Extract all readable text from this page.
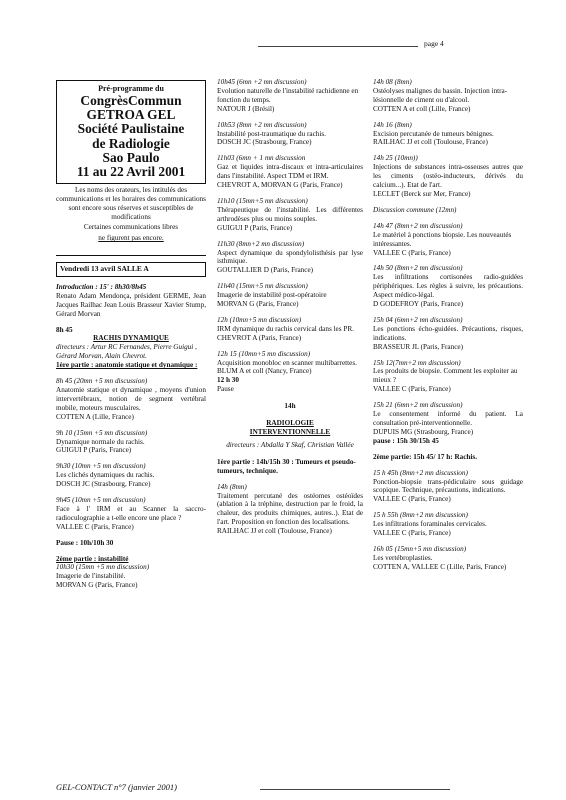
page 4
Pré-programme du
CongrèsCommun
GETROA GEL
Société Paulistaine
de Radiologie
Sao Paulo
11 au 22 Avril 2001
Les noms des orateurs, les intitulés des communications et les horaires des communications sont encore sous réserves et susceptibles de modifications
Certaines communications libres
ne figurent pas encore.
Vendredi 13 avril SALLE A
Introduction : 15' : 8h30/8h45
Renato Adam Mendonça, président GERME, Jean Jacques Railhac Jean Louis Brasseur Xavier Stump, Gérard Morvan
8h 45
RACHIS DYNAMIQUE
directeurs : Artur RC Fernandes, Pierre Guigui , Gérard Morvan, Alain Chevrot.
1ère partie : anatomie statique et dynamique :
8h 45 (20mn +5 mn discussion)
Anatomie statique et dynamique , moyens d'union intervertébraux, notion de segment vertébral mobile, moteurs musculaires.
COTTEN A (Lille, France)
9h 10 (15mn +5 mn discussion)
Dynamique normale du rachis.
GUIGUI P (Paris, France)
9h30 (10mn +5 mn discussion)
Les clichés dynamiques du rachis.
DOSCH JC (Strasbourg, France)
9h45 (10mn +5 mn discussion)
Face à l' IRM et au Scanner la saccro-radioculographie a t-elle encore une place ?
VALLEE C (Paris, France)
Pause : 10h/10h 30
2ème partie : instabilité
10h30 (15mn +5 mn discussion)
Imagerie de l'instabilité.
MORVAN G (Paris, France)
10h45 (6mn +2 mn discussion)
Evolution naturelle de l'instabilité rachidienne en fonction du temps.
NATOUR J (Brésil)
10h53 (8mn +2 mn discussion)
Instabilité post-traumatique du rachis.
DOSCH JC (Strasbourg, France)
11h03 (6mn + 1 mn discussion
Gaz et liquides intra-discaux et intra-articulaires dans l'instabilité. Aspect TDM et IRM.
CHEVROT A, MORVAN G (Paris, France)
11h10 (15mn+5 mn discussion)
Thérapeutique de l'instabilité. Les différentes arthrodèses plus ou moins souples.
GUIGUI P (Paris, France)
11h30 (8mn+2 mn discussion)
Aspect dynamique du spondylolisthésis par lyse isthmique.
GOUTALLIER D (Paris, France)
11h40 (15mn+5 mn discussion)
Imagerie de instabilité post-opératoire
MORVAN G (Paris, France)
12h (10mn+5 mn discussion)
IRM dynamique du rachis cervical dans les PR.
CHEVROT A (Paris, France)
12h 15 (10mn+5 mn discussion)
Acquisition monobloc en scanner multibarrettes.
BLUM A et coll (Nancy, France)
12 h 30
Pause
14h
RADIOLOGIE
INTERVENTIONNELLE
directeurs : Abdalla Y Skaf, Christian Vallée
1ère partie : 14h/15h 30 : Tumeurs et pseudo-tumeurs, technique.
14h (8mn)
Traitement percutané des ostéomes ostéoïdes (ablation à la tréphine, destruction par le froid, la chaleur, des produits chimiques, autres..). Etat de l'art. Proposition en fonction des localisations.
RAILHAC JJ et coll (Toulouse, France)
14h 08 (8mn)
Ostéolyses malignes du bassin. Injection intra-lésionnelle de ciment ou d'alcool.
COTTEN A et coll (Lille, France)
14h 16 (8mn)
Excision percutanée de tumeurs bénignes.
RAILHAC JJ et coll (Toulouse, France)
14h 25 (10mn))
Injections de substances intra-osseuses autres que les ciments (ostéo-inducteurs, dérivés du calcium...). Etat de l'art.
LECLET (Berck sur Mer, France)
Discussion commune (12mn)
14h 47 (8mn+2 mn discussion)
Le matériel à ponctions biopsie. Les nouveautés intéressantes.
VALLEE C (Paris, France)
14h 50 (8mn+2 mn discussion)
Les infiltrations cortisonées radio-guidées périphériques. Les règles à suivre, les précautions. Aspect médico-légal.
D GODEFROY (Paris, France)
15h 04 (6mn+2 mn discussion)
Les ponctions écho-guidées. Précautions, risques, indications.
BRASSEUR JL (Paris, France)
15h 12(7mn+2 mn discussion)
Les produits de biopsie. Comment les exploiter au mieux ?
VALLEE C (Paris, France)
15h 21 (6mn+2 mn discussion)
Le consentement informé du patient. La consultation pré-interventionnelle.
DUPUIS MG (Strasbourg, France)
pause : 15h 30/15h 45
2ème partie: 15h 45/ 17 h: Rachis.
15 h 45h (8mn+2 mn discussion)
Ponction-biopsie trans-pédiculaire sous guidage scopique. Technique, précautions, indications.
VALLEE C (Paris, France)
15 h 55h (8mn+2 mn discussion)
Les infiltrations foraminales cervicales.
VALLEE C (Paris, France)
16h 05 (15mn+5 mn discussion)
Les vertébroplasties.
COTTEN A, VALLEE C (Lille, Paris, France)
GEL-CONTACT n°7 (janvier 2001)
